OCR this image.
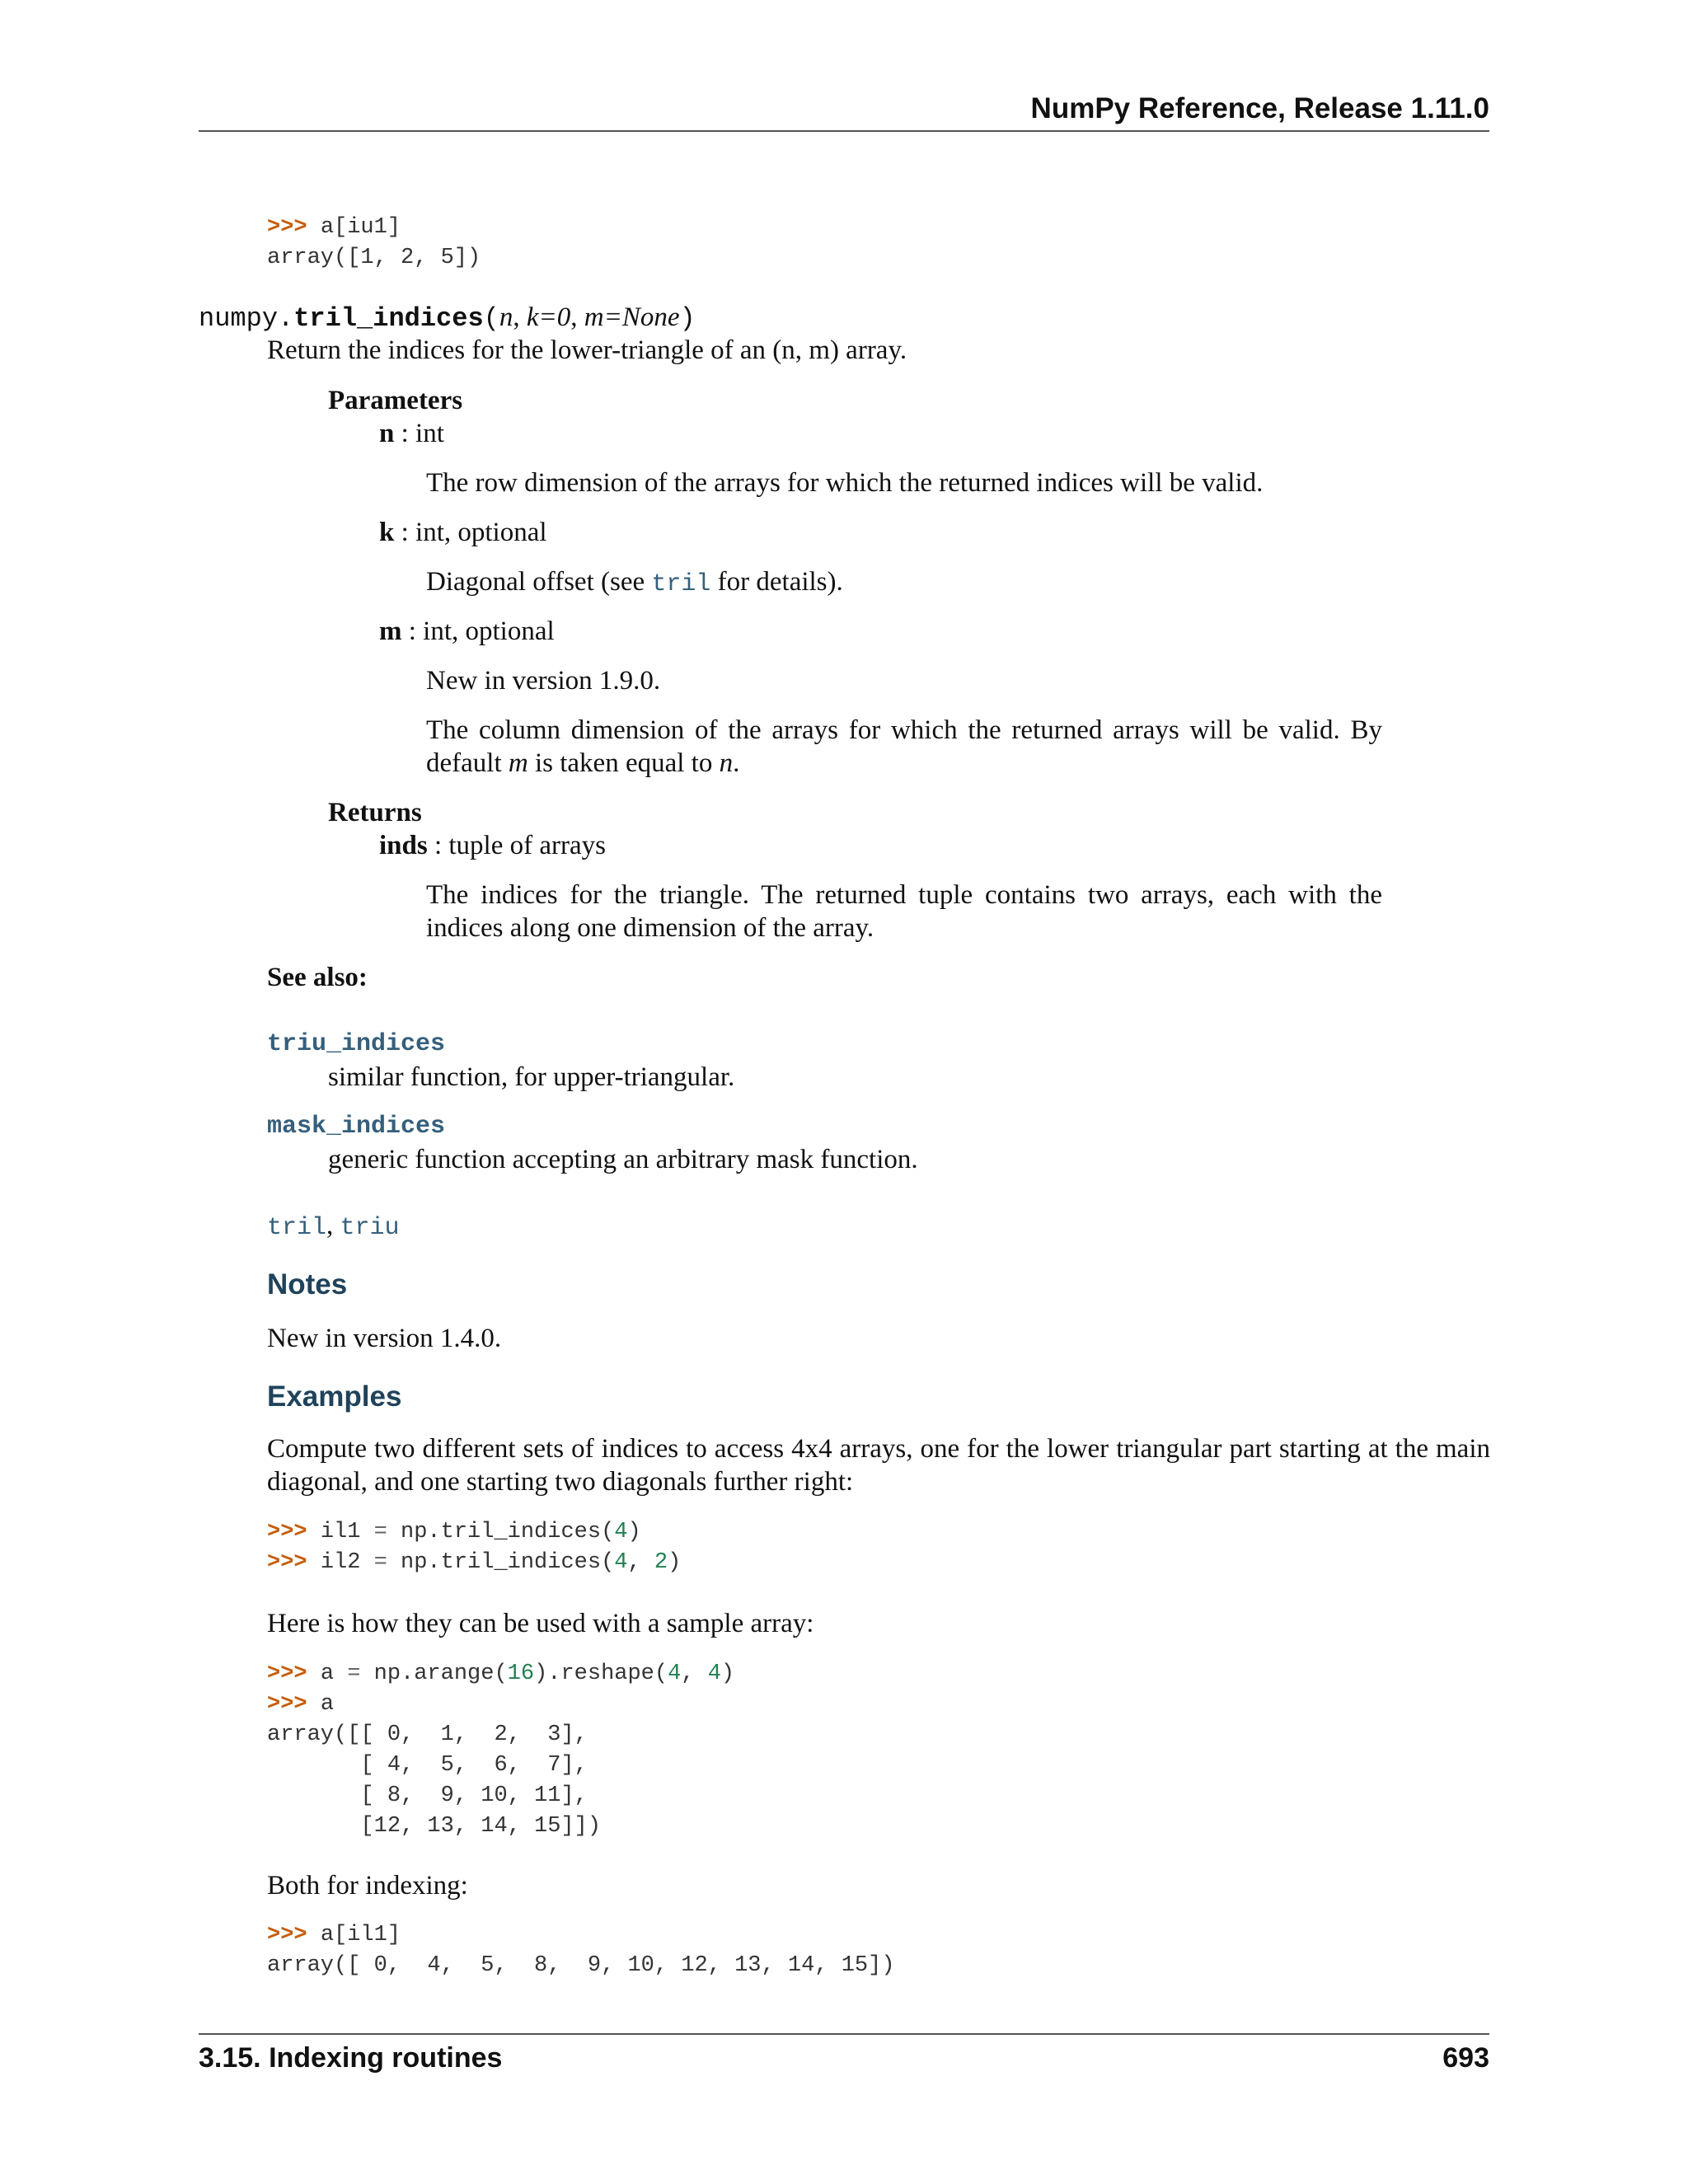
NumPy Reference, Release 1.11.0
>>> a[iu1]
array([1, 2, 5])
numpy.tril_indices(n, k=0, m=None)
Return the indices for the lower-triangle of an (n, m) array.
Parameters
n : int
The row dimension of the arrays for which the returned indices will be valid.
k : int, optional
Diagonal offset (see tril for details).
m : int, optional
New in version 1.9.0.
The column dimension of the arrays for which the returned arrays will be valid. By
default m is taken equal to n.
Returns
inds : tuple of arrays
The indices for the triangle. The returned tuple contains two arrays, each with the
indices along one dimension of the array.
See also:
triu_indices
similar function, for upper-triangular.
mask_indices
generic function accepting an arbitrary mask function.
tril, triu
Notes
New in version 1.4.0.
Examples
Compute two different sets of indices to access 4x4 arrays, one for the lower triangular part starting at the main
diagonal, and one starting two diagonals further right:
>>> il1 = np.tril_indices(4)
>>> il2 = np.tril_indices(4, 2)
Here is how they can be used with a sample array:
>>> a = np.arange(16).reshape(4, 4)
>>> a
array([[ 0,  1,  2,  3],
[ 4,  5,  6,  7],
[ 8,  9, 10, 11],
[12, 13, 14, 15]])
Both for indexing:
>>> a[il1]
array([ 0,  4,  5,  8,  9, 10, 12, 13, 14, 15])
3.15. Indexing routines	693
